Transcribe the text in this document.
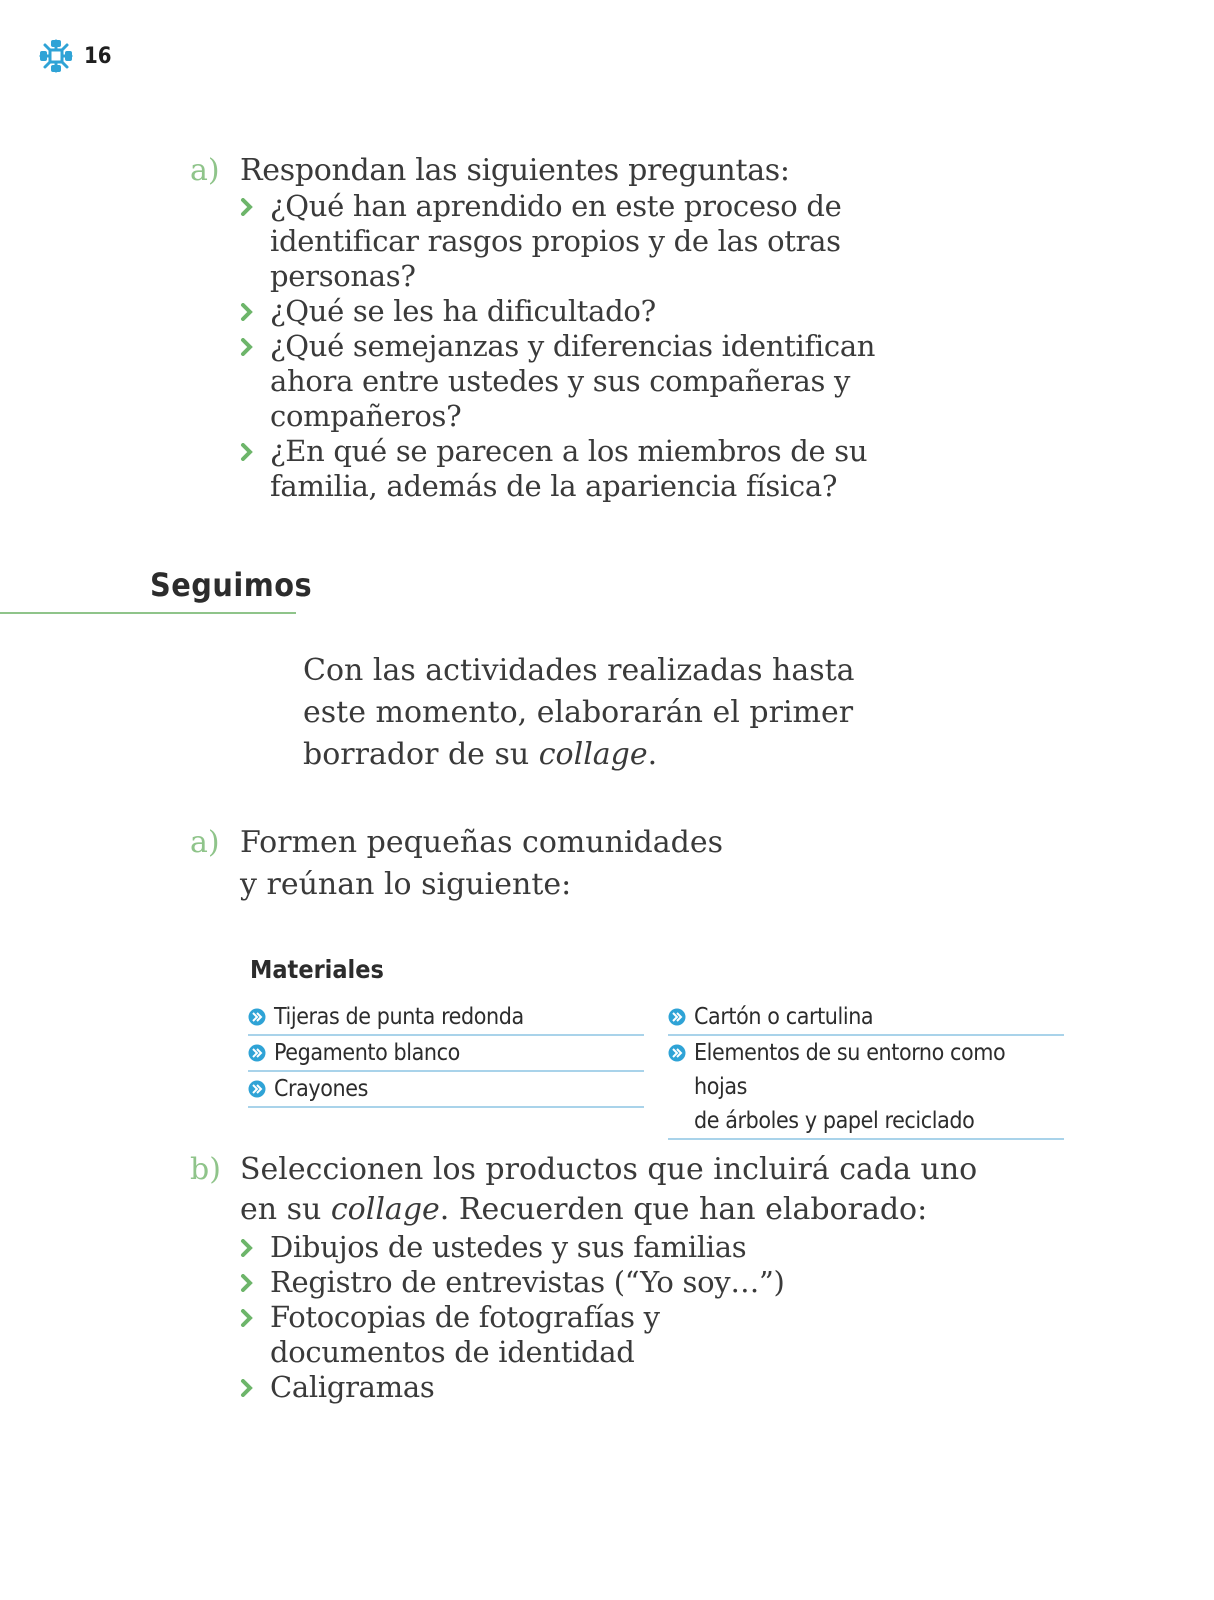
16
a) Respondan las siguientes preguntas:
¿Qué han aprendido en este proceso de
identificar rasgos propios y de las otras
personas?
¿Qué se les ha dificultado?
¿Qué semejanzas y diferencias identifican
ahora entre ustedes y sus compañeras y
compañeros?
¿En qué se parecen a los miembros de su
familia, además de la apariencia física?
Seguimos
Con las actividades realizadas hasta
este momento, elaborarán el primer
borrador de su collage.
a) Formen pequeñas comunidades
y reúnan lo siguiente:
Materiales
Tijeras de punta redonda
Pegamento blanco
Crayones
Cartón o cartulina
Elementos de su entorno como hojas
de árboles y papel reciclado
b) Seleccionen los productos que incluirá cada uno
en su collage. Recuerden que han elaborado:
Dibujos de ustedes y sus familias
Registro de entrevistas (“Yo soy…”)
Fotocopias de fotografías y
documentos de identidad
Caligramas
